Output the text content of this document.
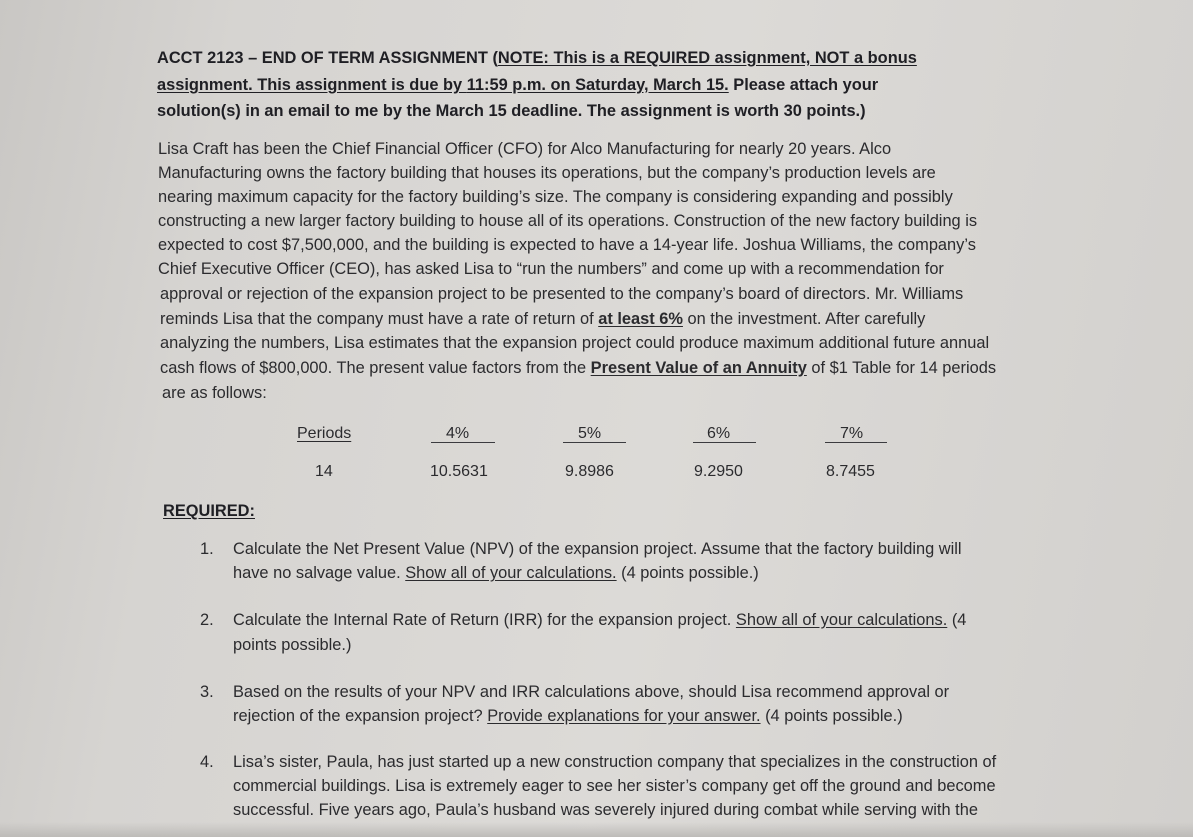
ACCT 2123 – END OF TERM ASSIGNMENT (NOTE: This is a REQUIRED assignment, NOT a bonus
assignment. This assignment is due by 11:59 p.m. on Saturday, March 15. Please attach your
solution(s) in an email to me by the March 15 deadline. The assignment is worth 30 points.)
Lisa Craft has been the Chief Financial Officer (CFO) for Alco Manufacturing for nearly 20 years. Alco
Manufacturing owns the factory building that houses its operations, but the company’s production levels are
nearing maximum capacity for the factory building’s size. The company is considering expanding and possibly
constructing a new larger factory building to house all of its operations. Construction of the new factory building is
expected to cost $7,500,000, and the building is expected to have a 14-year life. Joshua Williams, the company’s
Chief Executive Officer (CEO), has asked Lisa to “run the numbers” and come up with a recommendation for
approval or rejection of the expansion project to be presented to the company’s board of directors. Mr. Williams
reminds Lisa that the company must have a rate of return of at least 6% on the investment. After carefully
analyzing the numbers, Lisa estimates that the expansion project could produce maximum additional future annual
cash flows of $800,000. The present value factors from the Present Value of an Annuity of $1 Table for 14 periods
are as follows:
Periods	4%	5%	6%	7%
14	10.5631	9.8986	9.2950	8.7455
REQUIRED:
1. Calculate the Net Present Value (NPV) of the expansion project. Assume that the factory building will
have no salvage value. Show all of your calculations. (4 points possible.)
2. Calculate the Internal Rate of Return (IRR) for the expansion project. Show all of your calculations. (4
points possible.)
3. Based on the results of your NPV and IRR calculations above, should Lisa recommend approval or
rejection of the expansion project? Provide explanations for your answer. (4 points possible.)
4. Lisa’s sister, Paula, has just started up a new construction company that specializes in the construction of
commercial buildings. Lisa is extremely eager to see her sister’s company get off the ground and become
successful. Five years ago, Paula’s husband was severely injured during combat while serving with the
